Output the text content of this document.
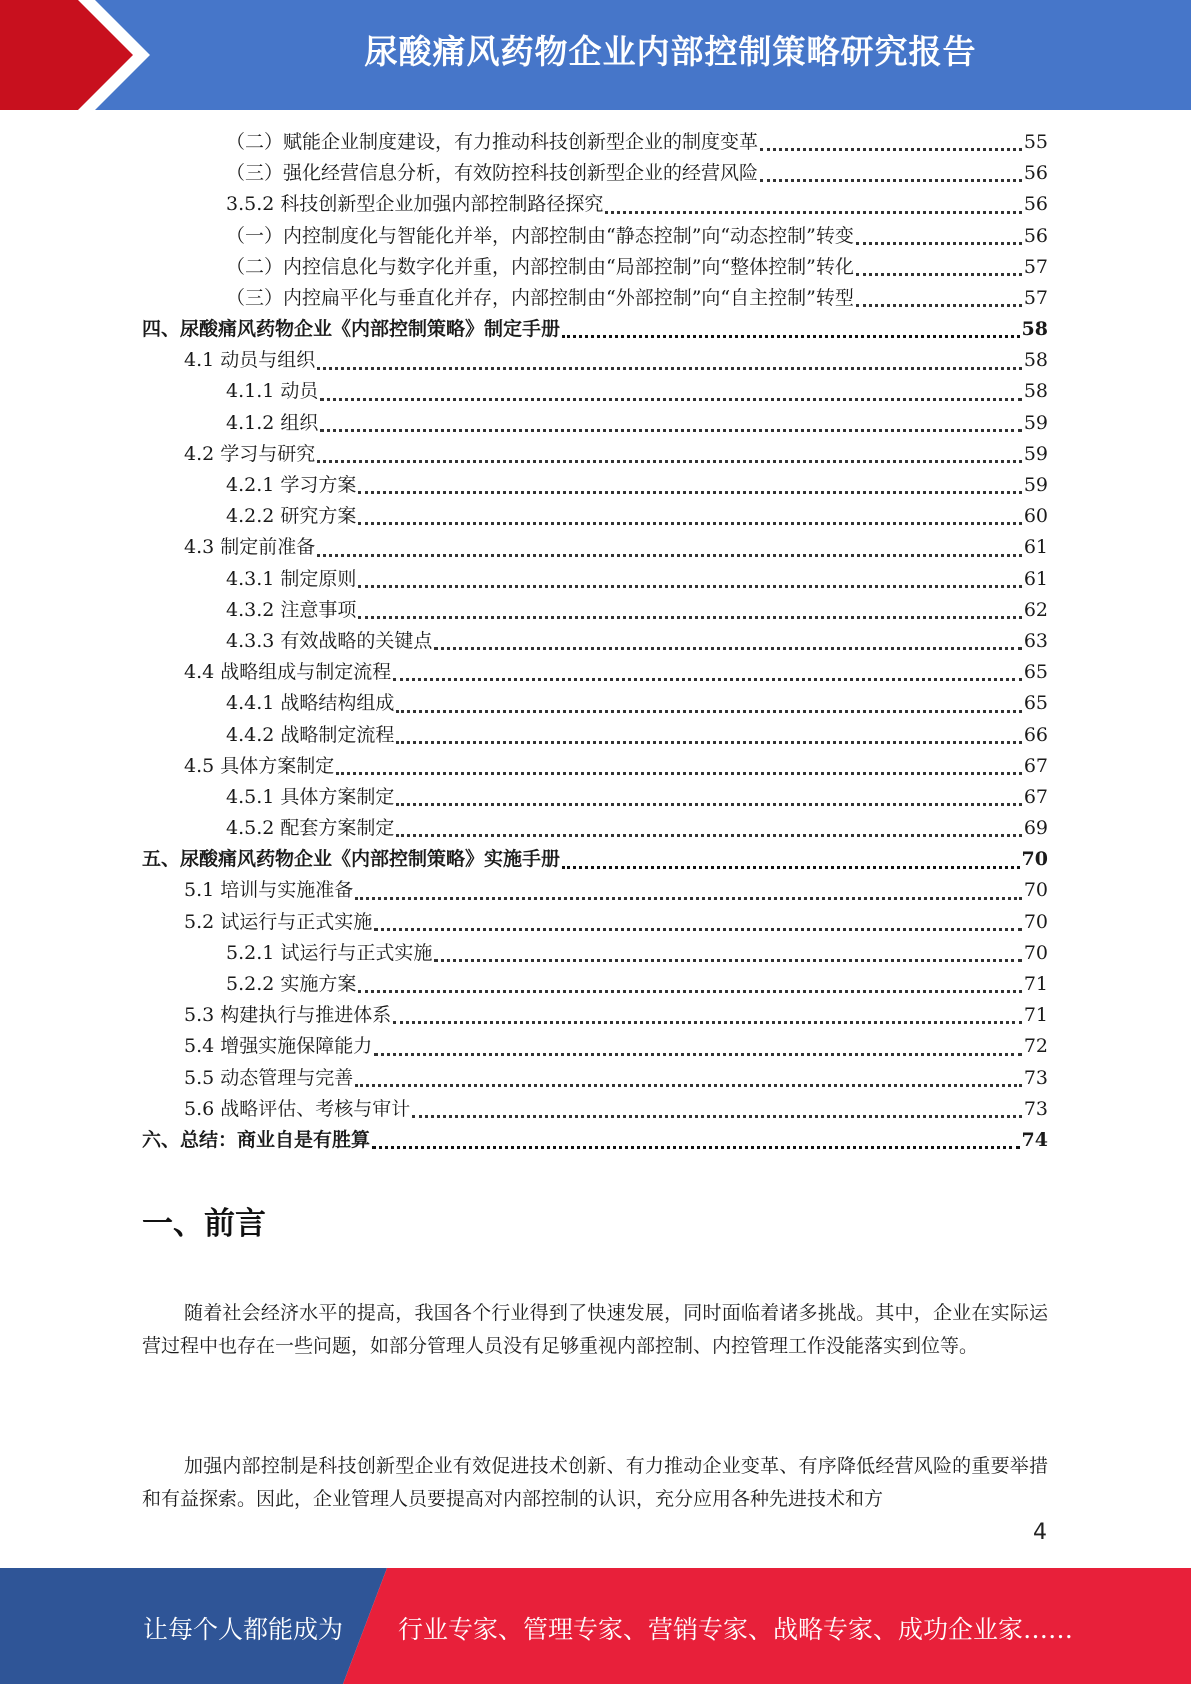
尿酸痛风药物企业内部控制策略研究报告
（二）赋能企业制度建设，有力推动科技创新型企业的制度变革	55
（三）强化经营信息分析，有效防控科技创新型企业的经营风险	56
3.5.2 科技创新型企业加强内部控制路径探究	56
（一）内控制度化与智能化并举，内部控制由“静态控制”向“动态控制”转变	56
（二）内控信息化与数字化并重，内部控制由“局部控制”向“整体控制”转化	57
（三）内控扁平化与垂直化并存，内部控制由“外部控制”向“自主控制”转型	57
四、尿酸痛风药物企业《内部控制策略》制定手册	58
4.1 动员与组织	58
4.1.1 动员	58
4.1.2 组织	59
4.2 学习与研究	59
4.2.1 学习方案	59
4.2.2 研究方案	60
4.3 制定前准备	61
4.3.1 制定原则	61
4.3.2 注意事项	62
4.3.3 有效战略的关键点	63
4.4 战略组成与制定流程	65
4.4.1 战略结构组成	65
4.4.2 战略制定流程	66
4.5 具体方案制定	67
4.5.1 具体方案制定	67
4.5.2 配套方案制定	69
五、尿酸痛风药物企业《内部控制策略》实施手册	70
5.1 培训与实施准备	70
5.2 试运行与正式实施	70
5.2.1 试运行与正式实施	70
5.2.2 实施方案	71
5.3 构建执行与推进体系	71
5.4 增强实施保障能力	72
5.5 动态管理与完善	73
5.6 战略评估、考核与审计	73
六、总结：商业自是有胜算	74
一、前言

随着社会经济水平的提高，我国各个行业得到了快速发展，同时面临着诸多挑战。其中，企业在实际运营过程中也存在一些问题，如部分管理人员没有足够重视内部控制、内控管理工作没能落实到位等。

加强内部控制是科技创新型企业有效促进技术创新、有力推动企业变革、有序降低经营风险的重要举措和有益探索。因此，企业管理人员要提高对内部控制的认识，充分应用各种先进技术和方

4
让每个人都能成为 行业专家、管理专家、营销专家、战略专家、成功企业家……
